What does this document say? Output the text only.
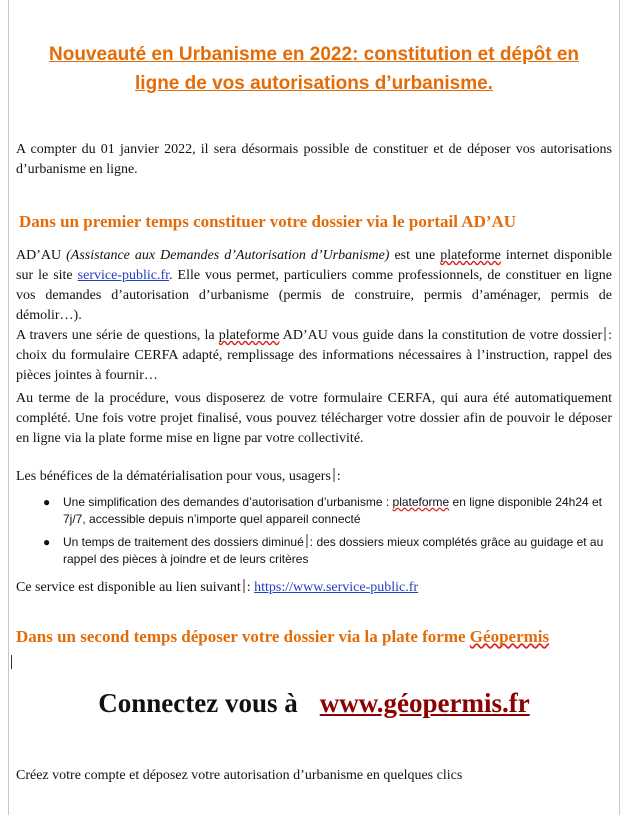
Nouveauté en Urbanisme en 2022: constitution et dépôt en
ligne de vos autorisations d’urbanisme.
A compter du 01 janvier 2022, il sera désormais possible de constituer et de déposer vos autorisations d’urbanisme en ligne.
Dans un premier temps constituer votre dossier via le portail AD’AU
AD’AU (Assistance aux Demandes d’Autorisation d’Urbanisme) est une plateforme internet disponible sur le site service-public.fr. Elle vous permet, particuliers comme professionnels, de constituer en ligne vos demandes d’autorisation d’urbanisme (permis de construire, permis d’aménager, permis de démolir…).
A travers une série de questions, la plateforme AD’AU vous guide dans la constitution de votre dossier : choix du formulaire CERFA adapté, remplissage des informations nécessaires à l’instruction, rappel des pièces jointes à fournir…
Au terme de la procédure, vous disposerez de votre formulaire CERFA, qui aura été automatiquement complété. Une fois votre projet finalisé, vous pouvez télécharger votre dossier afin de pouvoir le déposer en ligne via la plate forme mise en ligne par votre collectivité.
Les bénéfices de la dématérialisation pour vous, usagers :
● Une simplification des demandes d’autorisation d’urbanisme : plateforme en ligne disponible 24h24 et 7j/7, accessible depuis n’importe quel appareil connecté
● Un temps de traitement des dossiers diminué : des dossiers mieux complétés grâce au guidage et au rappel des pièces à joindre et de leurs critères
Ce service est disponible au lien suivant : https://www.service-public.fr
Dans un second temps déposer votre dossier via la plate forme Géopermis
Connectez vous à www.géopermis.fr
Créez votre compte et déposez votre autorisation d’urbanisme en quelques clics
